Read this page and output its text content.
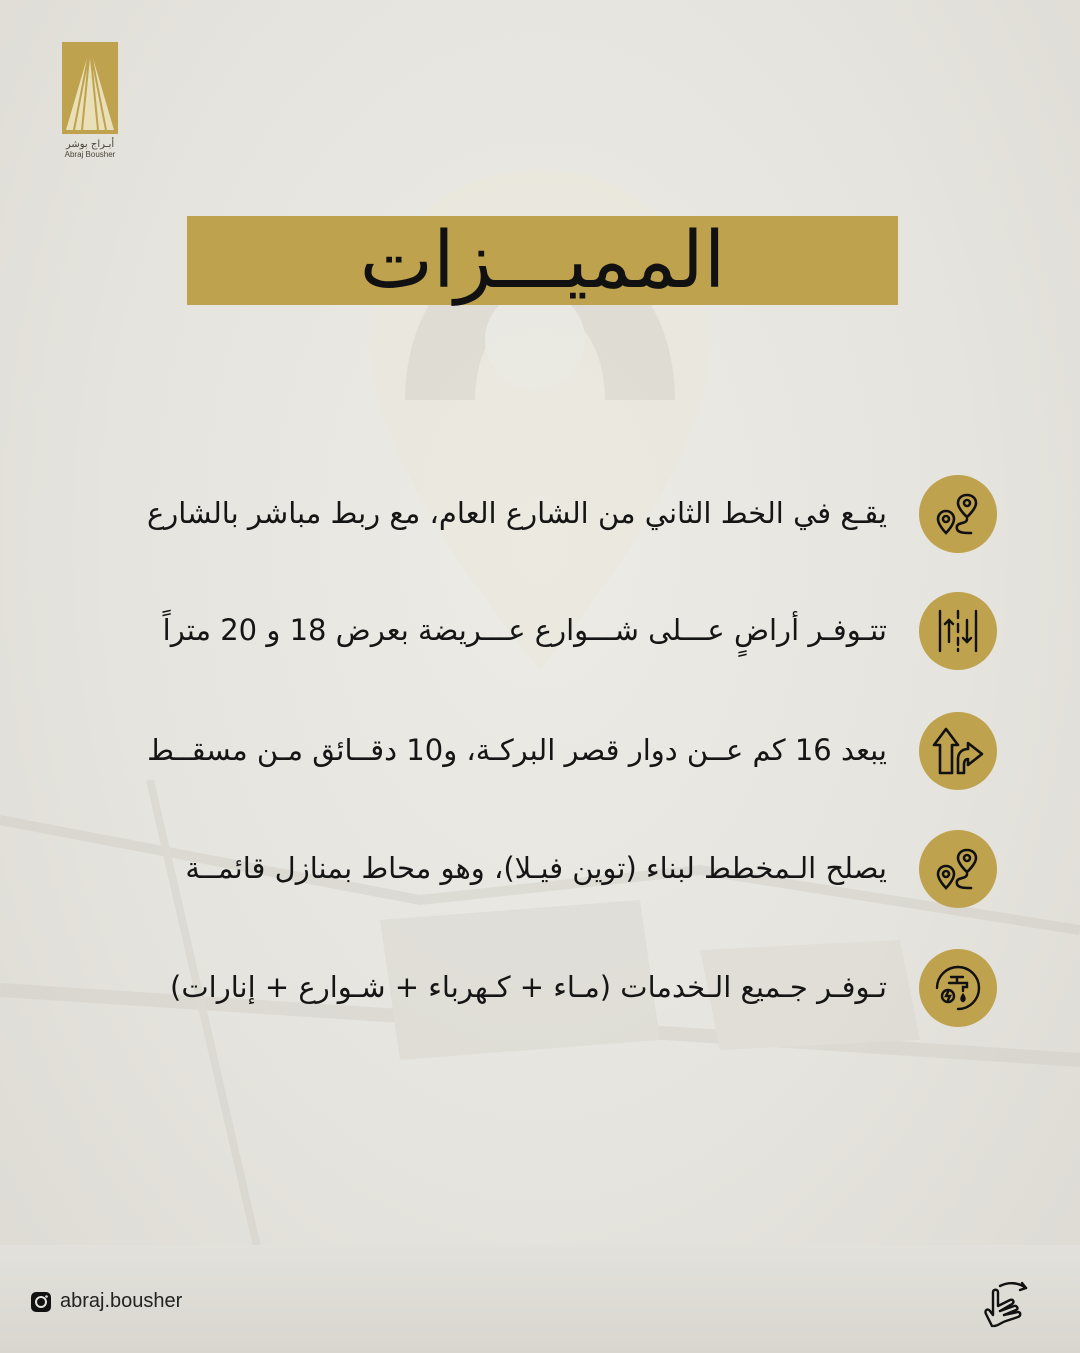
أبـراج بوشر
Abraj Bousher
المميـــزات
يقـع في الخط الثاني من الشارع العام، مع ربط مباشر بالشارع
تتـوفـر أراضٍ عـــلى شـــوارع عـــريضة بعرض 18 و 20 متراً
يبعد 16 كم عــن دوار قصر البركـة، و10 دقــائق مـن مسقــط
يصلح الـمخطط لبناء (توين فيـلا)، وهو محاط بمنازل قائمــة
تـوفـر جـميع الـخدمات (مـاء + كـهرباء + شـوارع + إنارات)
abraj.bousher
